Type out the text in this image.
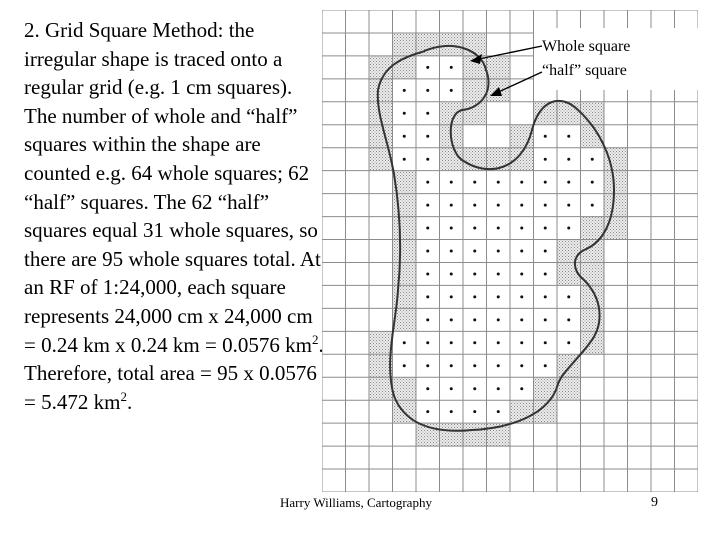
2. Grid Square Method: the irregular shape is traced onto a regular grid (e.g. 1 cm squares). The number of whole and “half” squares within the shape are counted e.g. 64 whole squares; 62 “half” squares. The 62 “half” squares equal 31 whole squares, so there are 95 whole squares total. At an RF of 1:24,000, each square represents 24,000 cm x 24,000 cm = 0.24 km x 0.24 km = 0.0576 $km^2$. Therefore, total area = 95 x 0.0576 = 5.472 $km^2$.

Whole square
“half” square
Harry Williams, Cartography	9
